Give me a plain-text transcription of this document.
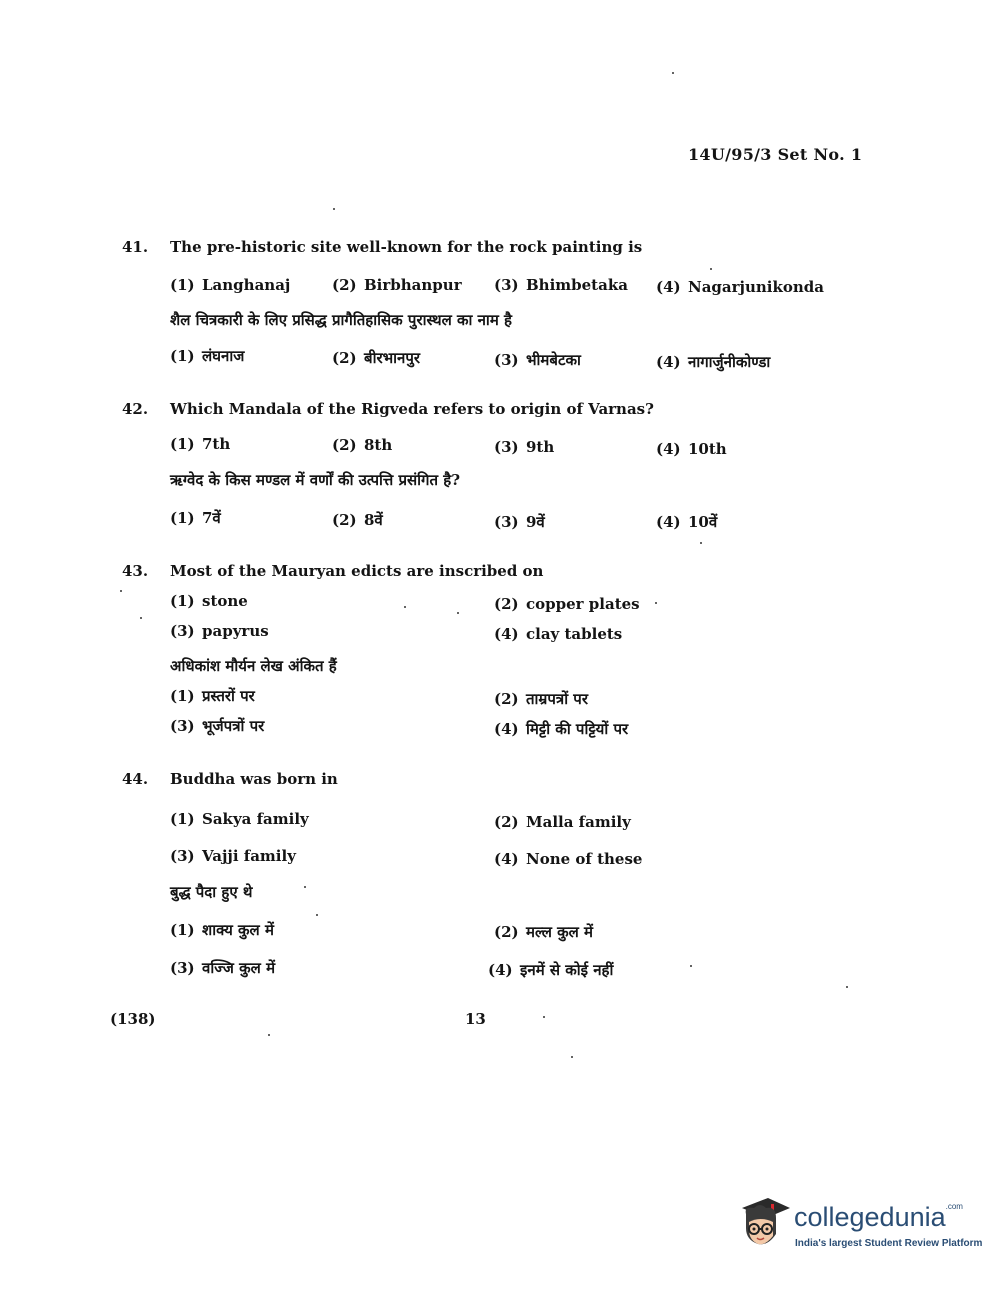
14U/95/3 Set No. 1
41. The pre-historic site well-known for the rock painting is
(1) Langhanaj	(2) Birbhanpur (3) Bhimbetaka (4) Nagarjunikonda
शैल चित्रकारी के लिए प्रसिद्ध प्रागैतिहासिक पुरास्थल का नाम है
(1) लंघनाज	(2) बीरभानपुर	(3) भीमबेटका	(4) नागार्जुनीकोण्डा
42. Which Mandala of the Rigveda refers to origin of Varnas?
(1) 7th	(2) 8th	(3) 9th	(4) 10th
ऋग्वेद के किस मण्डल में वर्णों की उत्पत्ति प्रसंगित है?
(1) 7वें	(2) 8वें	(3) 9वें	(4) 10वें
43. Most of the Mauryan edicts are inscribed on
(1) stone	(2) copper plates
(3) papyrus	(4) clay tablets
अधिकांश मौर्यन लेख अंकित हैं
(1) प्रस्तरों पर	(2) ताम्रपत्रों पर
(3) भूर्जपत्रों पर	(4) मिट्टी की पट्टियों पर
44. Buddha was born in
(1) Sakya family	(2) Malla family
(3) Vajji family	(4) None of these
बुद्ध पैदा हुए थे
(1) शाक्य कुल में	(2) मल्ल कुल में
(3) वज्जि कुल में	(4) इनमें से कोई नहीं
(138)	13
collegedunia$^{.com}$
India's largest Student Review Platform
